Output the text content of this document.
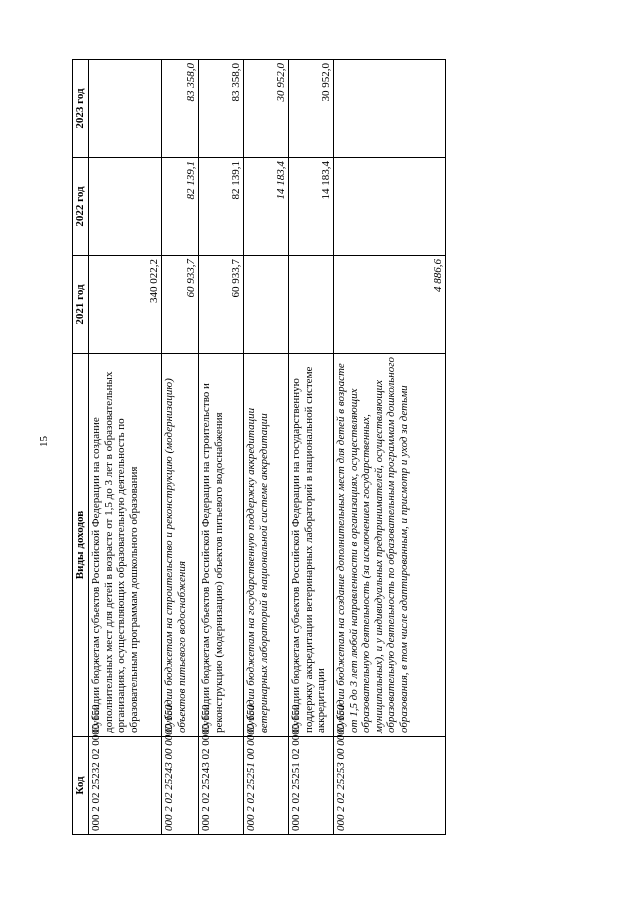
15
Код	Виды доходов	2021 год	2022 год	2023 год
000 2 02 25232 02 0000 150	Субсидии бюджетам субъектов Российской Федерации на создание дополнительных мест для детей в возрасте от 1,5 до 3 лет в образовательных организациях, осуществляющих образовательную деятельность по образовательным программам дошкольного образования	340 022,2		
000 2 02 25243 00 0000 150	Субсидии бюджетам на строительство и реконструкцию (модернизацию) объектов питьевого водоснабжения	60 933,7	82 139,1	83 358,0
000 2 02 25243 02 0000 150	Субсидии бюджетам субъектов Российской Федерации на строительство и реконструкцию (модернизацию) объектов питьевого водоснабжения	60 933,7	82 139,1	83 358,0
000 2 02 25251 00 0000 150	Субсидии бюджетам на государственную поддержку аккредитации ветеринарных лабораторий в национальной системе аккредитации		14 183,4	30 952,0
000 2 02 25251 02 0000 150	Субсидии бюджетам субъектов Российской Федерации на государственную поддержку аккредитации ветеринарных лабораторий в национальной системе аккредитации		14 183,4	30 952,0
000 2 02 25253 00 0000 150	Субсидии бюджетам на создание дополнительных мест для детей в возрасте от 1,5 до 3 лет любой направленности в организациях, осуществляющих образовательную деятельность (за исключением государственных, муниципальных), и у индивидуальных предпринимателей, осуществляющих образовательную деятельность по образовательным программам дошкольного образования, в том числе адаптированным, и присмотр и уход за детьми	4 886,6		
